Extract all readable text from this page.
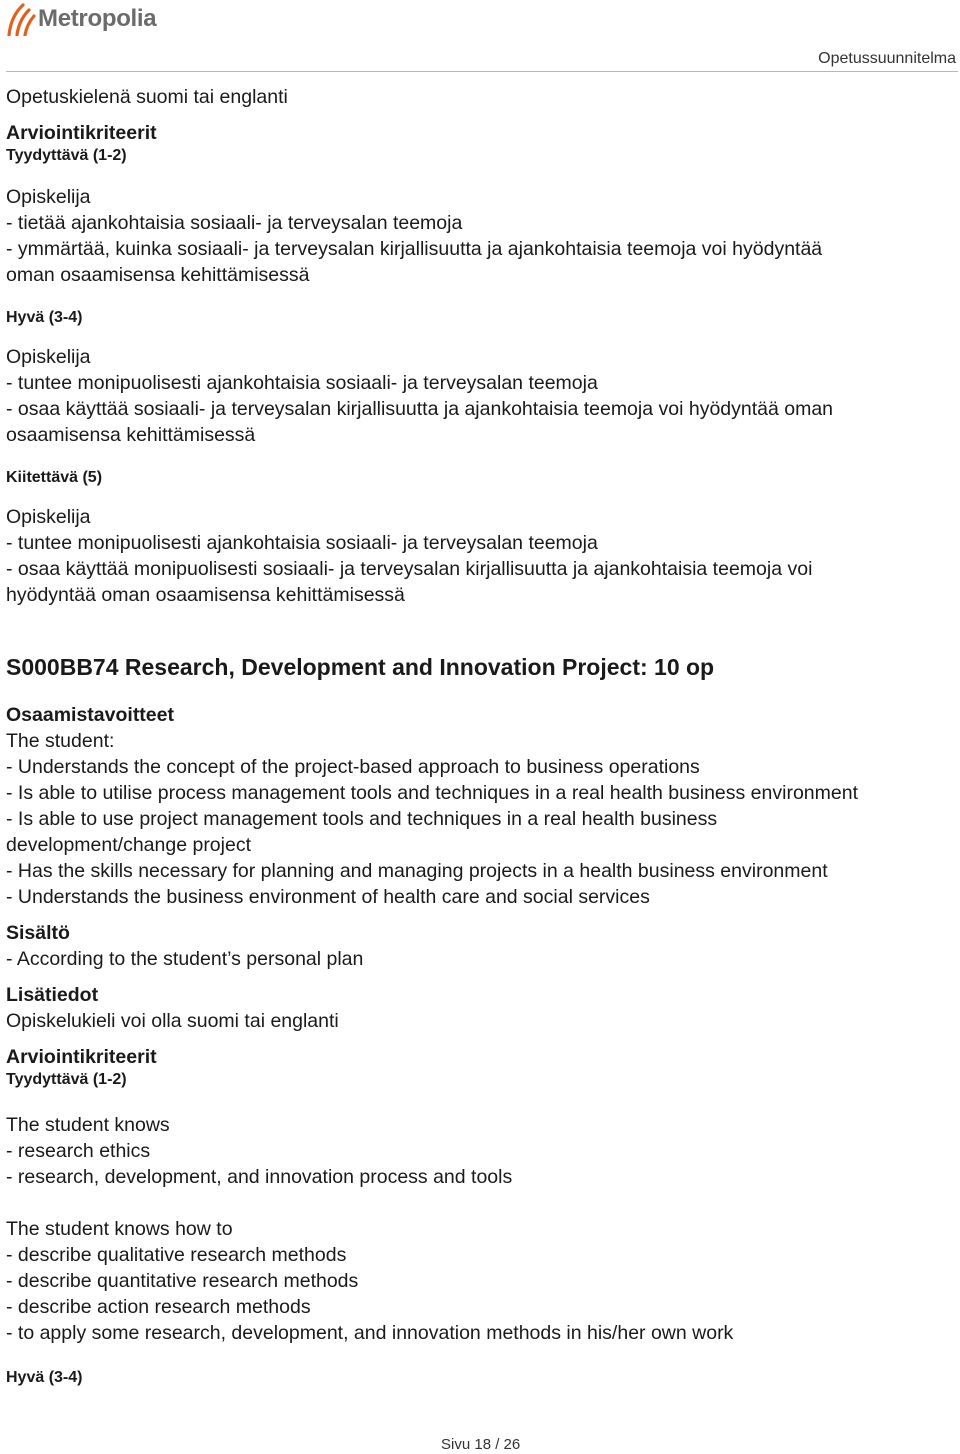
Metropolia
Opetussuunnitelma

Opetuskielenä suomi tai englanti

Arviointikriteerit

Tyydyttävä (1-2)

Opiskelija

- tietää ajankohtaisia sosiaali- ja terveysalan teemoja

- ymmärtää, kuinka sosiaali- ja terveysalan kirjallisuutta ja ajankohtaisia teemoja voi hyödyntää

oman osaamisensa kehittämisessä

Hyvä (3-4)

Opiskelija

- tuntee monipuolisesti ajankohtaisia sosiaali- ja terveysalan teemoja

- osaa käyttää sosiaali- ja terveysalan kirjallisuutta ja ajankohtaisia teemoja voi hyödyntää oman

osaamisensa kehittämisessä

Kiitettävä (5)

Opiskelija

- tuntee monipuolisesti ajankohtaisia sosiaali- ja terveysalan teemoja

- osaa käyttää monipuolisesti sosiaali- ja terveysalan kirjallisuutta ja ajankohtaisia teemoja voi

hyödyntää oman osaamisensa kehittämisessä

S000BB74 Research, Development and Innovation Project: 10 op

Osaamistavoitteet

The student:

- Understands the concept of the project-based approach to business operations

- Is able to utilise process management tools and techniques in a real health business environment

- Is able to use project management tools and techniques in a real health business

development/change project

- Has the skills necessary for planning and managing projects in a health business environment

- Understands the business environment of health care and social services

Sisältö

- According to the student’s personal plan

Lisätiedot

Opiskelukieli voi olla suomi tai englanti

Arviointikriteerit

Tyydyttävä (1-2)

The student knows

- research ethics

- research, development, and innovation process and tools

The student knows how to

- describe qualitative research methods

- describe quantitative research methods

- describe action research methods

- to apply some research, development, and innovation methods in his/her own work

Hyvä (3-4)

Sivu 18 / 26
